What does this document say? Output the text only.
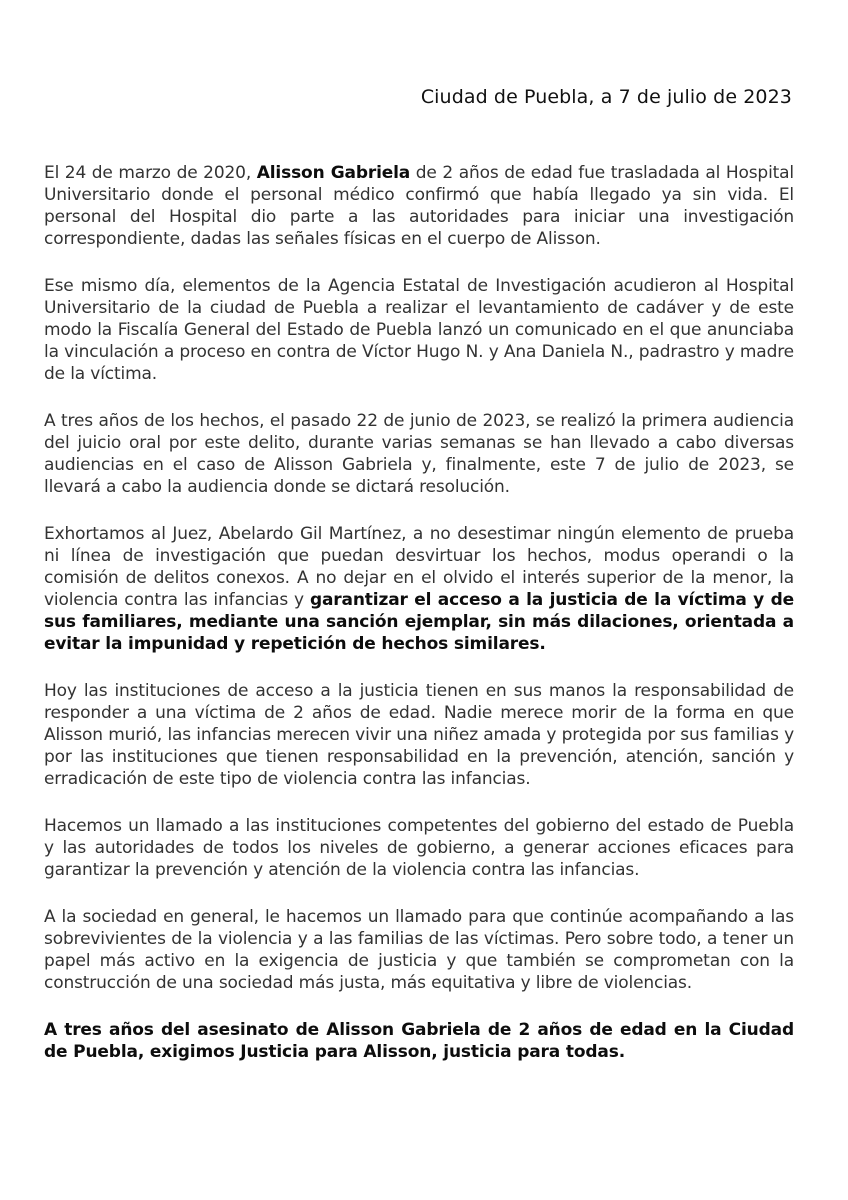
Ciudad de Puebla, a 7 de julio de 2023

El 24 de marzo de 2020, Alisson Gabriela de 2 años de edad fue trasladada al Hospital Universitario donde el personal médico confirmó que había llegado ya sin vida. El personal del Hospital dio parte a las autoridades para iniciar una investigación correspondiente, dadas las señales físicas en el cuerpo de Alisson.

Ese mismo día, elementos de la Agencia Estatal de Investigación acudieron al Hospital Universitario de la ciudad de Puebla a realizar el levantamiento de cadáver y de este modo la Fiscalía General del Estado de Puebla lanzó un comunicado en el que anunciaba la vinculación a proceso en contra de Víctor Hugo N. y Ana Daniela N., padrastro y madre de la víctima.

A tres años de los hechos, el pasado 22 de junio de 2023, se realizó la primera audiencia del juicio oral por este delito, durante varias semanas se han llevado a cabo diversas audiencias en el caso de Alisson Gabriela y, finalmente, este 7 de julio de 2023, se llevará a cabo la audiencia donde se dictará resolución.

Exhortamos al Juez, Abelardo Gil Martínez, a no desestimar ningún elemento de prueba ni línea de investigación que puedan desvirtuar los hechos, modus operandi o la comisión de delitos conexos. A no dejar en el olvido el interés superior de la menor, la violencia contra las infancias y garantizar el acceso a la justicia de la víctima y de sus familiares, mediante una sanción ejemplar, sin más dilaciones, orientada a evitar la impunidad y repetición de hechos similares.

Hoy las instituciones de acceso a la justicia tienen en sus manos la responsabilidad de responder a una víctima de 2 años de edad. Nadie merece morir de la forma en que Alisson murió, las infancias merecen vivir una niñez amada y protegida por sus familias y por las instituciones que tienen responsabilidad en la prevención, atención, sanción y erradicación de este tipo de violencia contra las infancias.

Hacemos un llamado a las instituciones competentes del gobierno del estado de Puebla y las autoridades de todos los niveles de gobierno, a generar acciones eficaces para garantizar la prevención y atención de la violencia contra las infancias.

A la sociedad en general, le hacemos un llamado para que continúe acompañando a las sobrevivientes de la violencia y a las familias de las víctimas. Pero sobre todo, a tener un papel más activo en la exigencia de justicia y que también se comprometan con la construcción de una sociedad más justa, más equitativa y libre de violencias.

A tres años del asesinato de Alisson Gabriela de 2 años de edad en la Ciudad de Puebla, exigimos Justicia para Alisson, justicia para todas.
